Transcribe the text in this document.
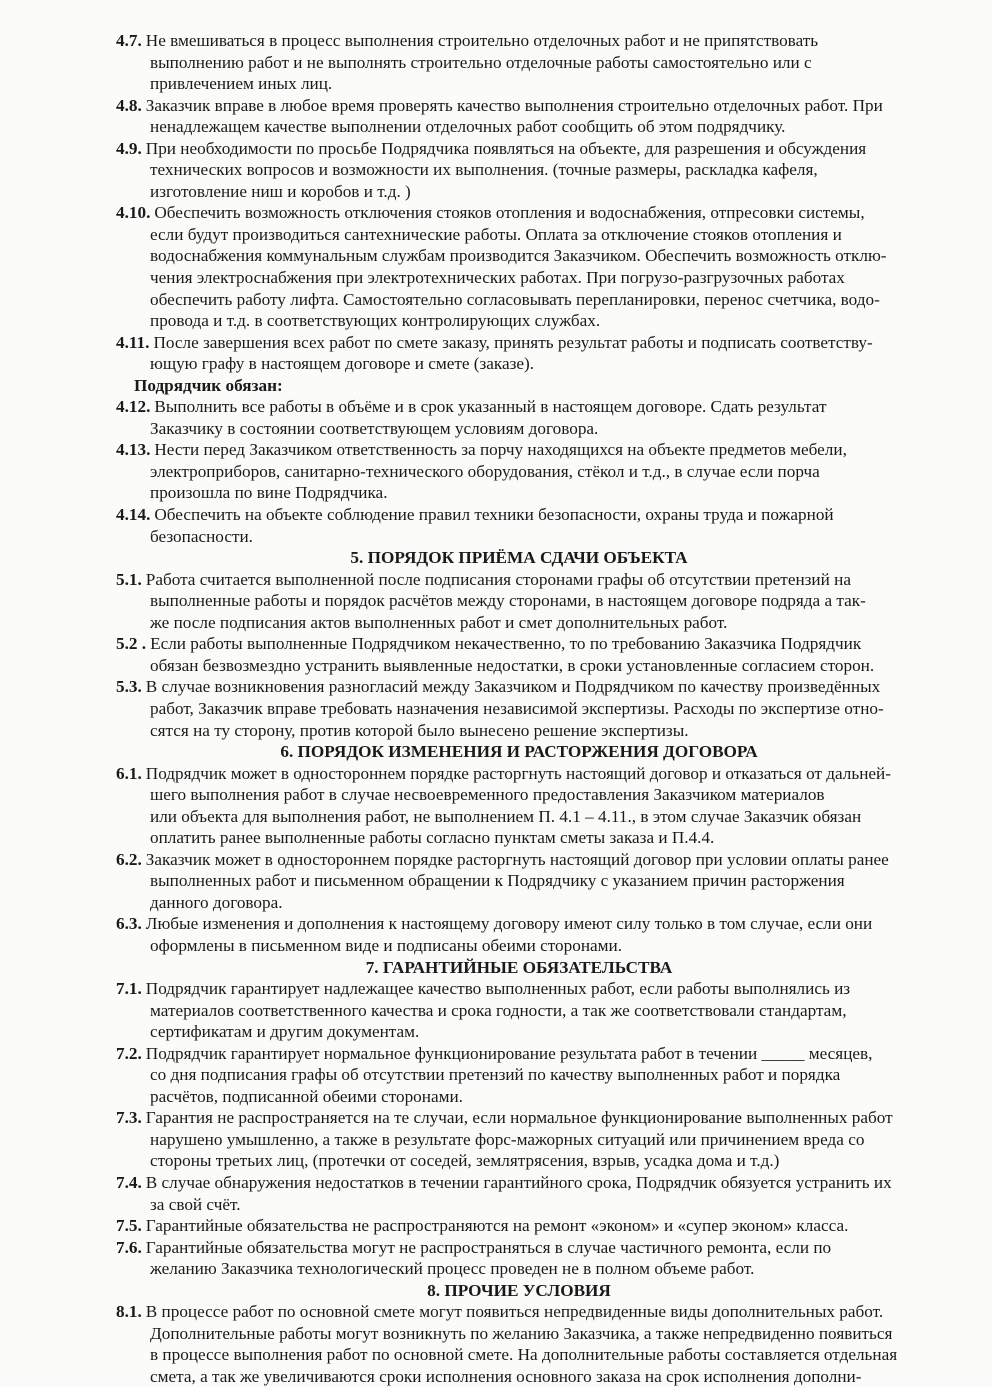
4.7. Не вмешиваться в процесс выполнения строительно отделочных работ и не припятствовать
выполнению работ и не выполнять строительно отделочные работы самостоятельно или с
привлечением иных лиц.
4.8. Заказчик вправе в любое время проверять качество выполнения строительно отделочных работ. При
ненадлежащем качестве выполнении отделочных работ сообщить об этом подрядчику.
4.9. При необходимости по просьбе Подрядчика появляться на объекте, для разрешения и обсуждения
технических вопросов и возможности их выполнения. (точные размеры, раскладка кафеля,
изготовление ниш и коробов и т.д. )
4.10. Обеспечить возможность отключения стояков отопления и водоснабжения, отпресовки системы,
если будут производиться сантехнические работы. Оплата за отключение стояков отопления и
водоснабжения коммунальным службам производится Заказчиком. Обеспечить возможность отклю-
чения электроснабжения при электротехнических работах. При погрузо-разгрузочных работах
обеспечить работу лифта. Самостоятельно согласовывать перепланировки, перенос счетчика, водо-
провода и т.д. в соответствующих контролирующих службах.
4.11. После завершения всех работ по смете заказу, принять результат работы и подписать соответству-
ющую графу в настоящем договоре и смете (заказе).
Подрядчик обязан:
4.12. Выполнить все работы в объёме и в срок указанный в настоящем договоре. Сдать результат
Заказчику в состоянии соответствующем условиям договора.
4.13. Нести перед Заказчиком ответственность за порчу находящихся на объекте предметов мебели,
электроприборов, санитарно-технического оборудования, стёкол и т.д., в случае если порча
произошла по вине Подрядчика.
4.14. Обеспечить на объекте соблюдение правил техники безопасности, охраны труда и пожарной
безопасности.
5. ПОРЯДОК ПРИЁМА СДАЧИ ОБЪЕКТА
5.1. Работа считается выполненной после подписания сторонами графы об отсутствии претензий на
выполненные работы и порядок расчётов между сторонами, в настоящем договоре подряда а так-
же после подписания актов выполненных работ и смет дополнительных работ.
5.2 . Если работы выполненные Подрядчиком некачественно, то по требованию Заказчика Подрядчик
обязан безвозмездно устранить выявленные недостатки, в сроки установленные согласием сторон.
5.3. В случае возникновения разногласий между Заказчиком и Подрядчиком по качеству произведённых
работ, Заказчик вправе требовать назначения независимой экспертизы. Расходы по экспертизе отно-
сятся на ту сторону, против которой было вынесено решение экспертизы.
6. ПОРЯДОК ИЗМЕНЕНИЯ И РАСТОРЖЕНИЯ ДОГОВОРА
6.1. Подрядчик может в одностороннем порядке расторгнуть настоящий договор и отказаться от дальней-
шего выполнения работ в случае несвоевременного предоставления Заказчиком материалов
или объекта для выполнения работ, не выполнением П. 4.1 – 4.11., в этом случае Заказчик обязан
оплатить ранее выполненные работы согласно пунктам сметы заказа и П.4.4.
6.2. Заказчик может в одностороннем порядке расторгнуть настоящий договор при условии оплаты ранее
выполненных работ и письменном обращении к Подрядчику с указанием причин расторжения
данного договора.
6.3. Любые изменения и дополнения к настоящему договору имеют силу только в том случае, если они
оформлены в письменном виде и подписаны обеими сторонами.
7. ГАРАНТИЙНЫЕ ОБЯЗАТЕЛЬСТВА
7.1. Подрядчик гарантирует надлежащее качество выполненных работ, если работы выполнялись из
материалов соответственного качества и срока годности, а так же соответствовали стандартам,
сертификатам и другим документам.
7.2. Подрядчик гарантирует нормальное функционирование результата работ в течении _____ месяцев,
со дня подписания графы об отсутствии претензий по качеству выполненных работ и порядка
расчётов, подписанной обеими сторонами.
7.3. Гарантия не распространяется на те случаи, если нормальное функционирование выполненных работ
нарушено умышленно, а также в результате форс-мажорных ситуаций или причинением вреда со
стороны третьих лиц, (протечки от соседей, землятрясения, взрыв, усадка дома и т.д.)
7.4. В случае обнаружения недостатков в течении гарантийного срока, Подрядчик обязуется устранить их
за свой счёт.
7.5. Гарантийные обязательства не распространяются на ремонт «эконом» и «супер эконом» класса.
7.6. Гарантийные обязательства могут не распространяться в случае частичного ремонта, если по
желанию Заказчика технологический процесс проведен не в полном объеме работ.
8. ПРОЧИЕ УСЛОВИЯ
8.1. В процессе работ по основной смете могут появиться непредвиденные виды дополнительных работ.
Дополнительные работы могут возникнуть по желанию Заказчика, а также непредвиденно появиться
в процессе выполнения работ по основной смете. На дополнительные работы составляется отдельная
смета, а так же увеличиваются сроки исполнения основного заказа на срок исполнения дополни-
